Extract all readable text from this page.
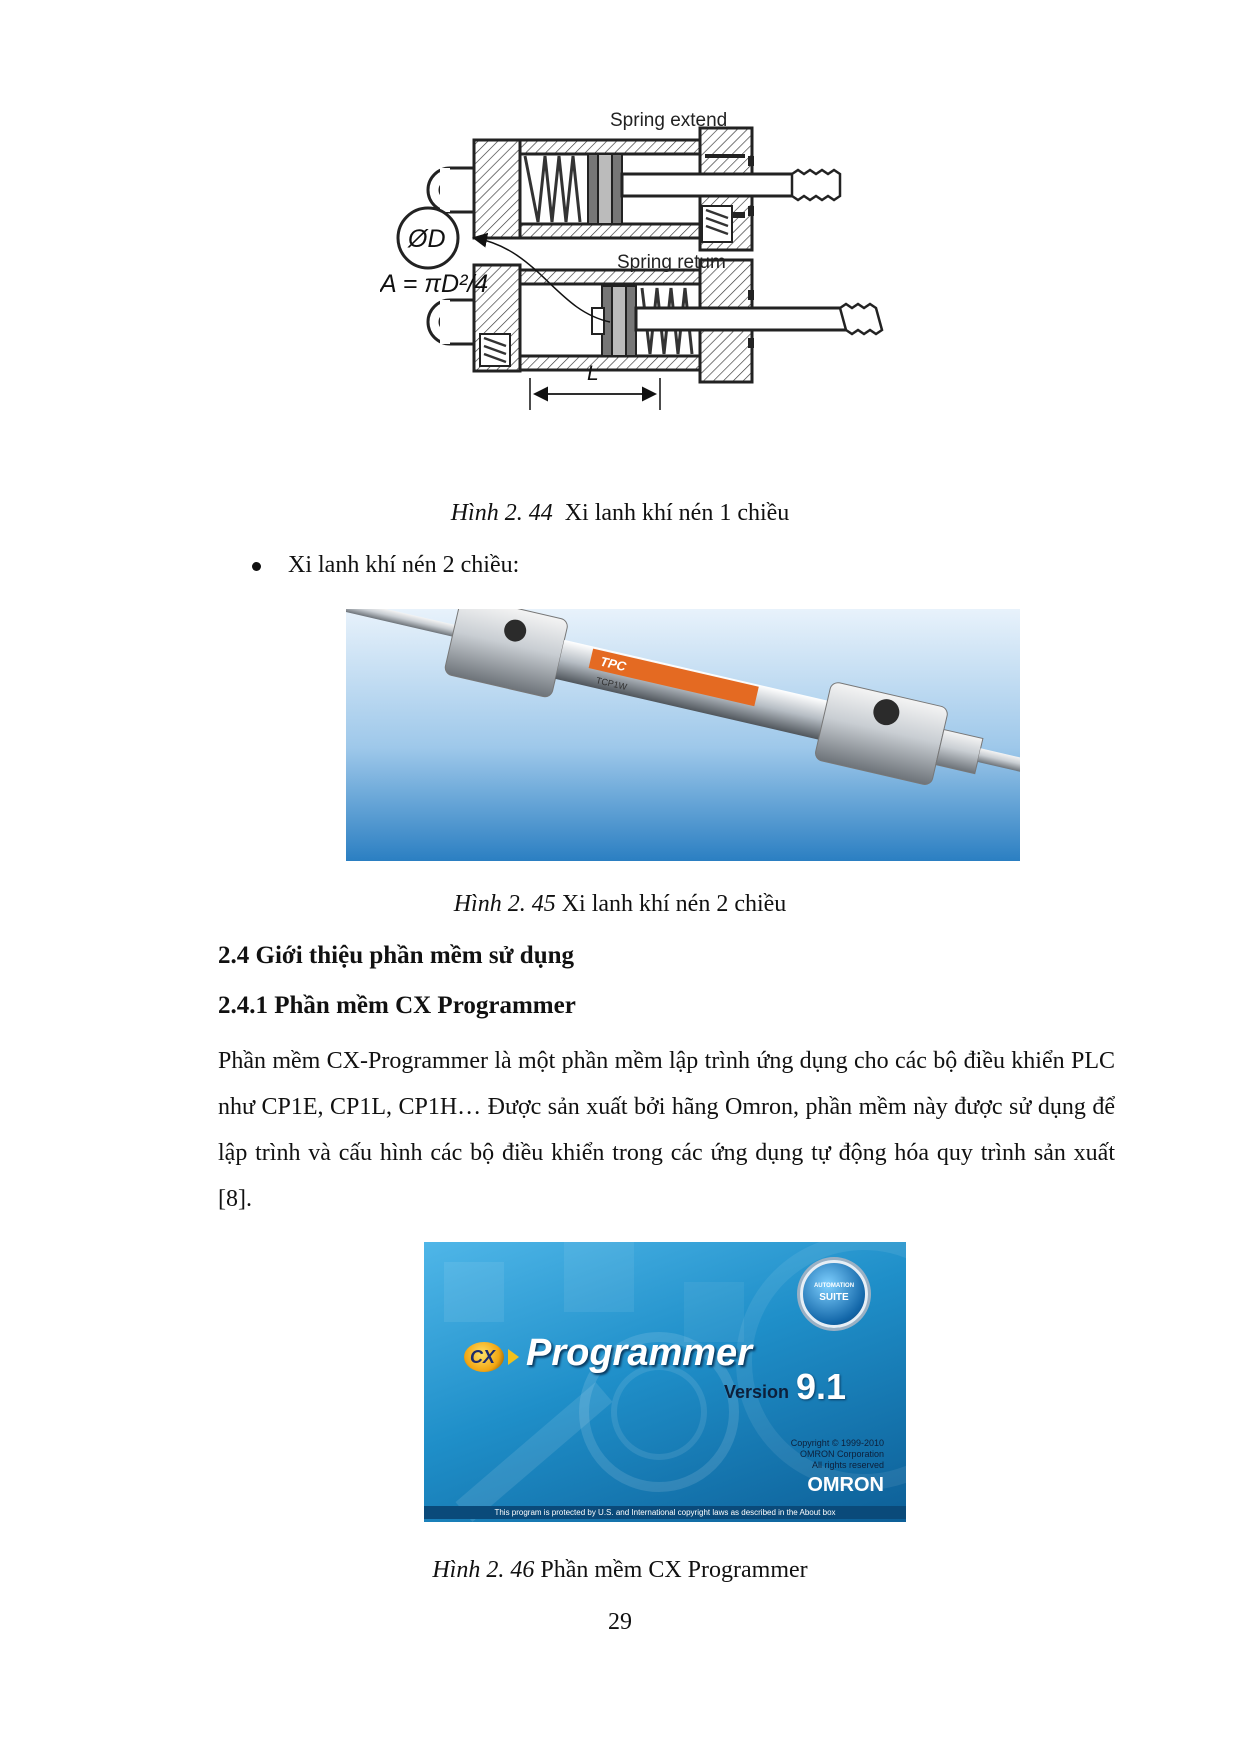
Spring extend
Spring retum
ØD
A = πD²/4
L
Hình 2. 44 Xi lanh khí nén 1 chiều
Xi lanh khí nén 2 chiều:
TPC
TCP1W
Hình 2. 45 Xi lanh khí nén 2 chiều
2.4 Giới thiệu phần mềm sử dụng
2.4.1 Phần mềm CX Programmer

Phần mềm CX-Programmer là một phần mềm lập trình ứng dụng cho các bộ điều khiển PLC như CP1E, CP1L, CP1H… Được sản xuất bởi hãng Omron, phần mềm này được sử dụng để lập trình và cấu hình các bộ điều khiển trong các ứng dụng tự động hóa quy trình sản xuất [8].

AUTOMATION
SUITE
CX Programmer
Version 9.1
Copyright © 1999-2010
OMRON Corporation
All rights reserved
OMRON
This program is protected by U.S. and International copyright laws as described in the About box
Hình 2. 46 Phần mềm CX Programmer
29
